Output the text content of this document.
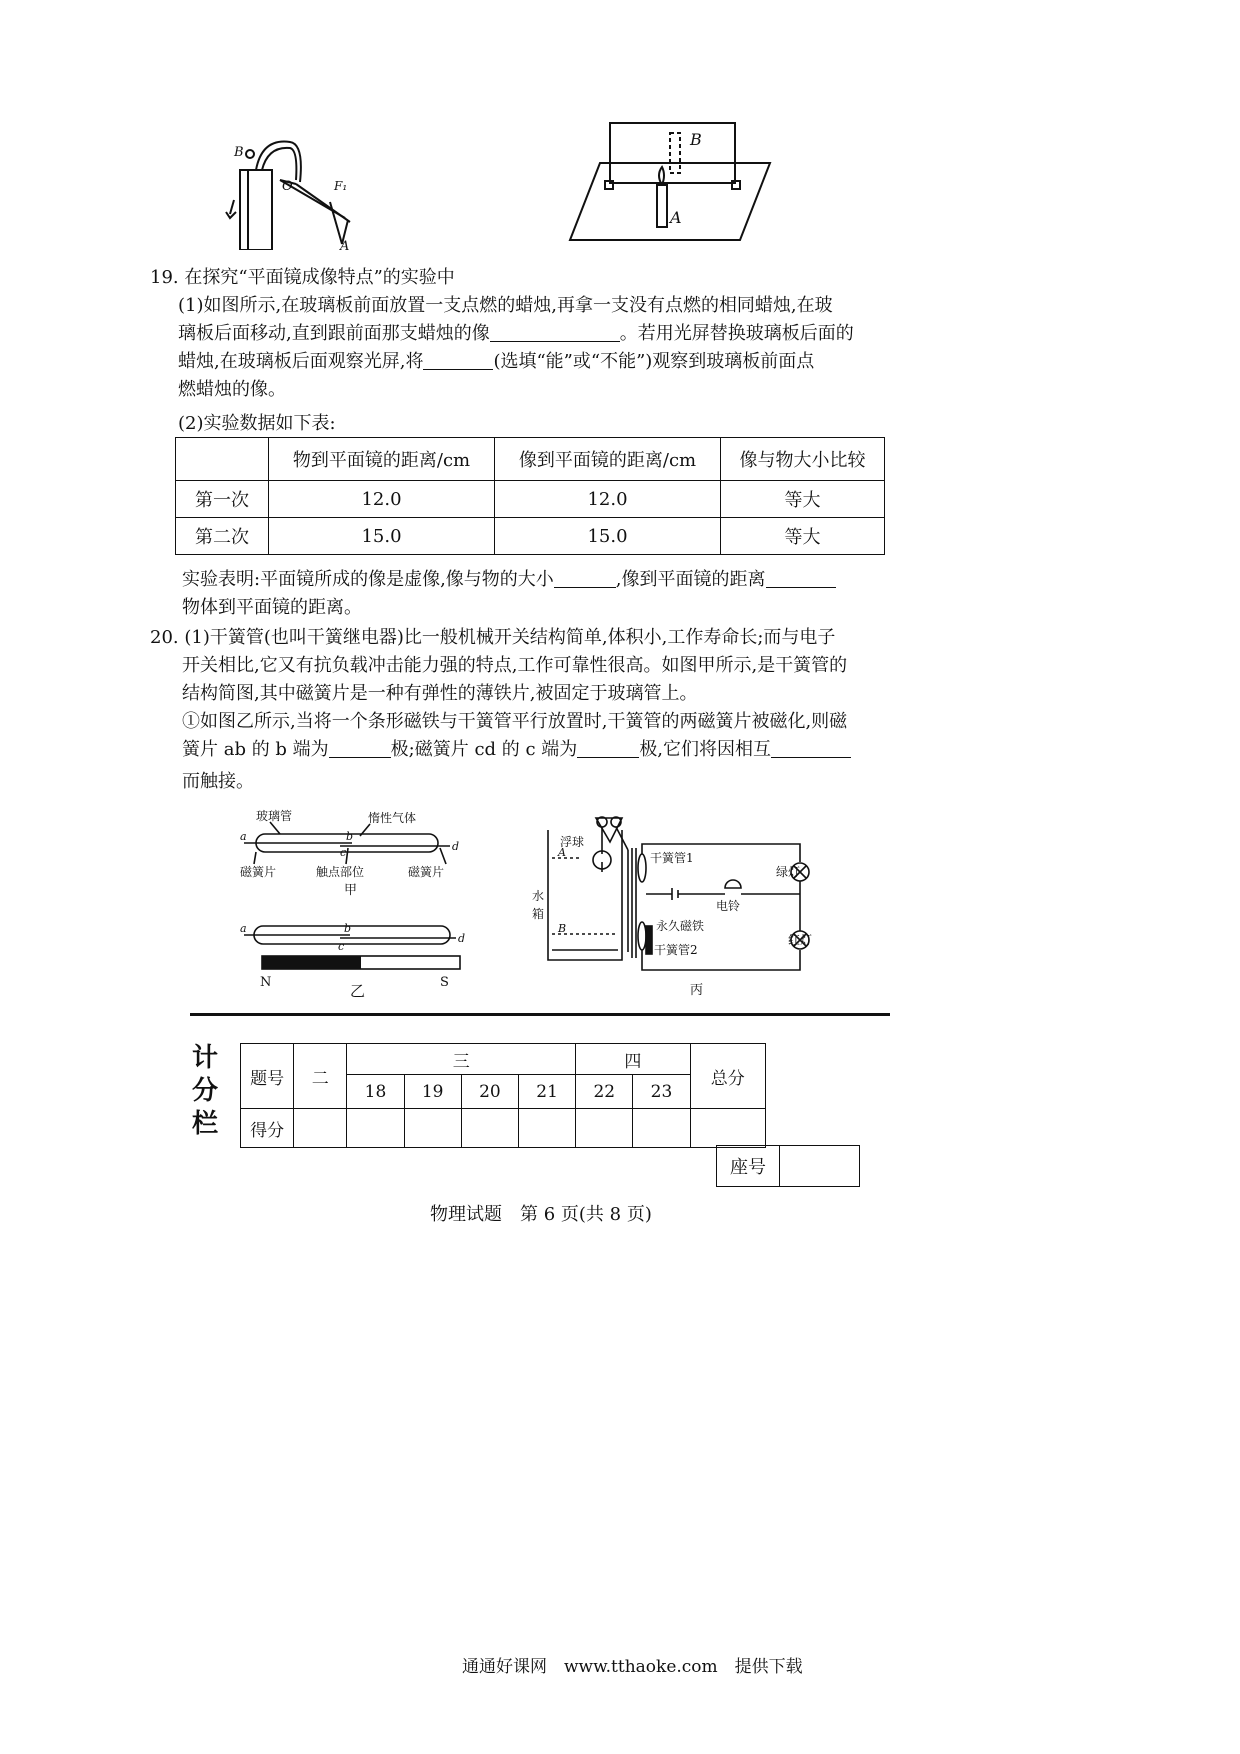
B
O	F₁
A
B
A
19. 在探究“平面镜成像特点”的实验中
(1)如图所示,在玻璃板前面放置一支点燃的蜡烛,再拿一支没有点燃的相同蜡烛,在玻
璃板后面移动,直到跟前面那支蜡烛的像	。若用光屏替换玻璃板后面的
蜡烛,在玻璃板后面观察光屏,将	(选填“能”或“不能”)观察到玻璃板前面点
燃蜡烛的像。
(2)实验数据如下表:
	物到平面镜的距离/cm	像到平面镜的距离/cm	像与物大小比较
第一次	12.0	12.0	等大
第二次	15.0	15.0	等大
实验表明:平面镜所成的像是虚像,像与物的大小	,像到平面镜的距离
物体到平面镜的距离。
20. (1)干簧管(也叫干簧继电器)比一般机械开关结构简单,体积小,工作寿命长;而与电子
开关相比,它又有抗负载冲击能力强的特点,工作可靠性很高。如图甲所示,是干簧管的
结构简图,其中磁簧片是一种有弹性的薄铁片,被固定于玻璃管上。
①如图乙所示,当将一个条形磁铁与干簧管平行放置时,干簧管的两磁簧片被磁化,则磁
簧片 ab 的 b 端为	极;磁簧片 cd 的 c 端为	极,它们将因相互
而触接。
玻璃管	惰性气体
a	b
c	d
磁簧片	触点部位	磁簧片
甲
a	b
c
d
N	S
乙
浮球
A
水
箱
B
干簧管1
永久磁铁
干簧管2
电铃
绿灯
红灯
丙
计
分
栏
题号	二	三				四		总分
		18	19	20	21	22	23	
得分								
座号	
物理试题　第 6 页(共 8 页)
通通好课网　www.tthaoke.com　提供下载
